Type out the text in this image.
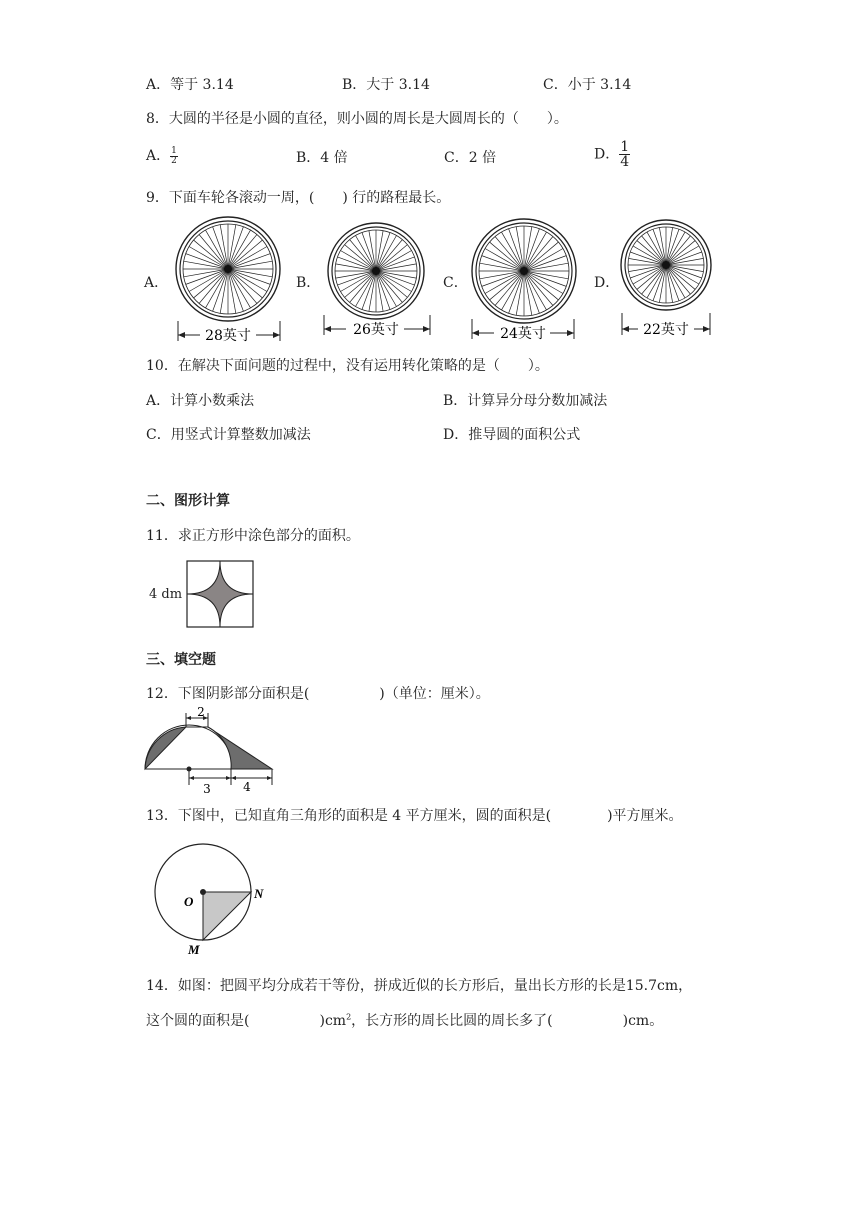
A．等于 3.14	B．大于 3.14	C．小于 3.14
8．大圆的半径是小圆的直径，则小圆的周长是大圆周长的（　　）。
A． $\frac{1}{2}$	B．4 倍	C．2 倍	D． $\frac{1}{4}$
9．下面车轮各滚动一周，(　　) 行的路程最长。
A．	B．	C．	D．
28英寸	26英寸	24英寸	22英寸
10．在解决下面问题的过程中，没有运用转化策略的是（　　）。
A．计算小数乘法	B．计算异分母分数加减法
C．用竖式计算整数加减法	D．推导圆的面积公式
二、图形计算
11．求正方形中涂色部分的面积。
4 dm
三、填空题
12．下图阴影部分面积是(　　　　　)（单位：厘米）。
2
3	4
13．下图中，已知直角三角形的面积是 4 平方厘米，圆的面积是(　　　　)平方厘米。
O
N
M
14．如图：把圆平均分成若干等份，拼成近似的长方形后，量出长方形的长是15.7cm，
这个圆的面积是(　　　　　)$cm^2$，长方形的周长比圆的周长多了(　　　　　)cm。
